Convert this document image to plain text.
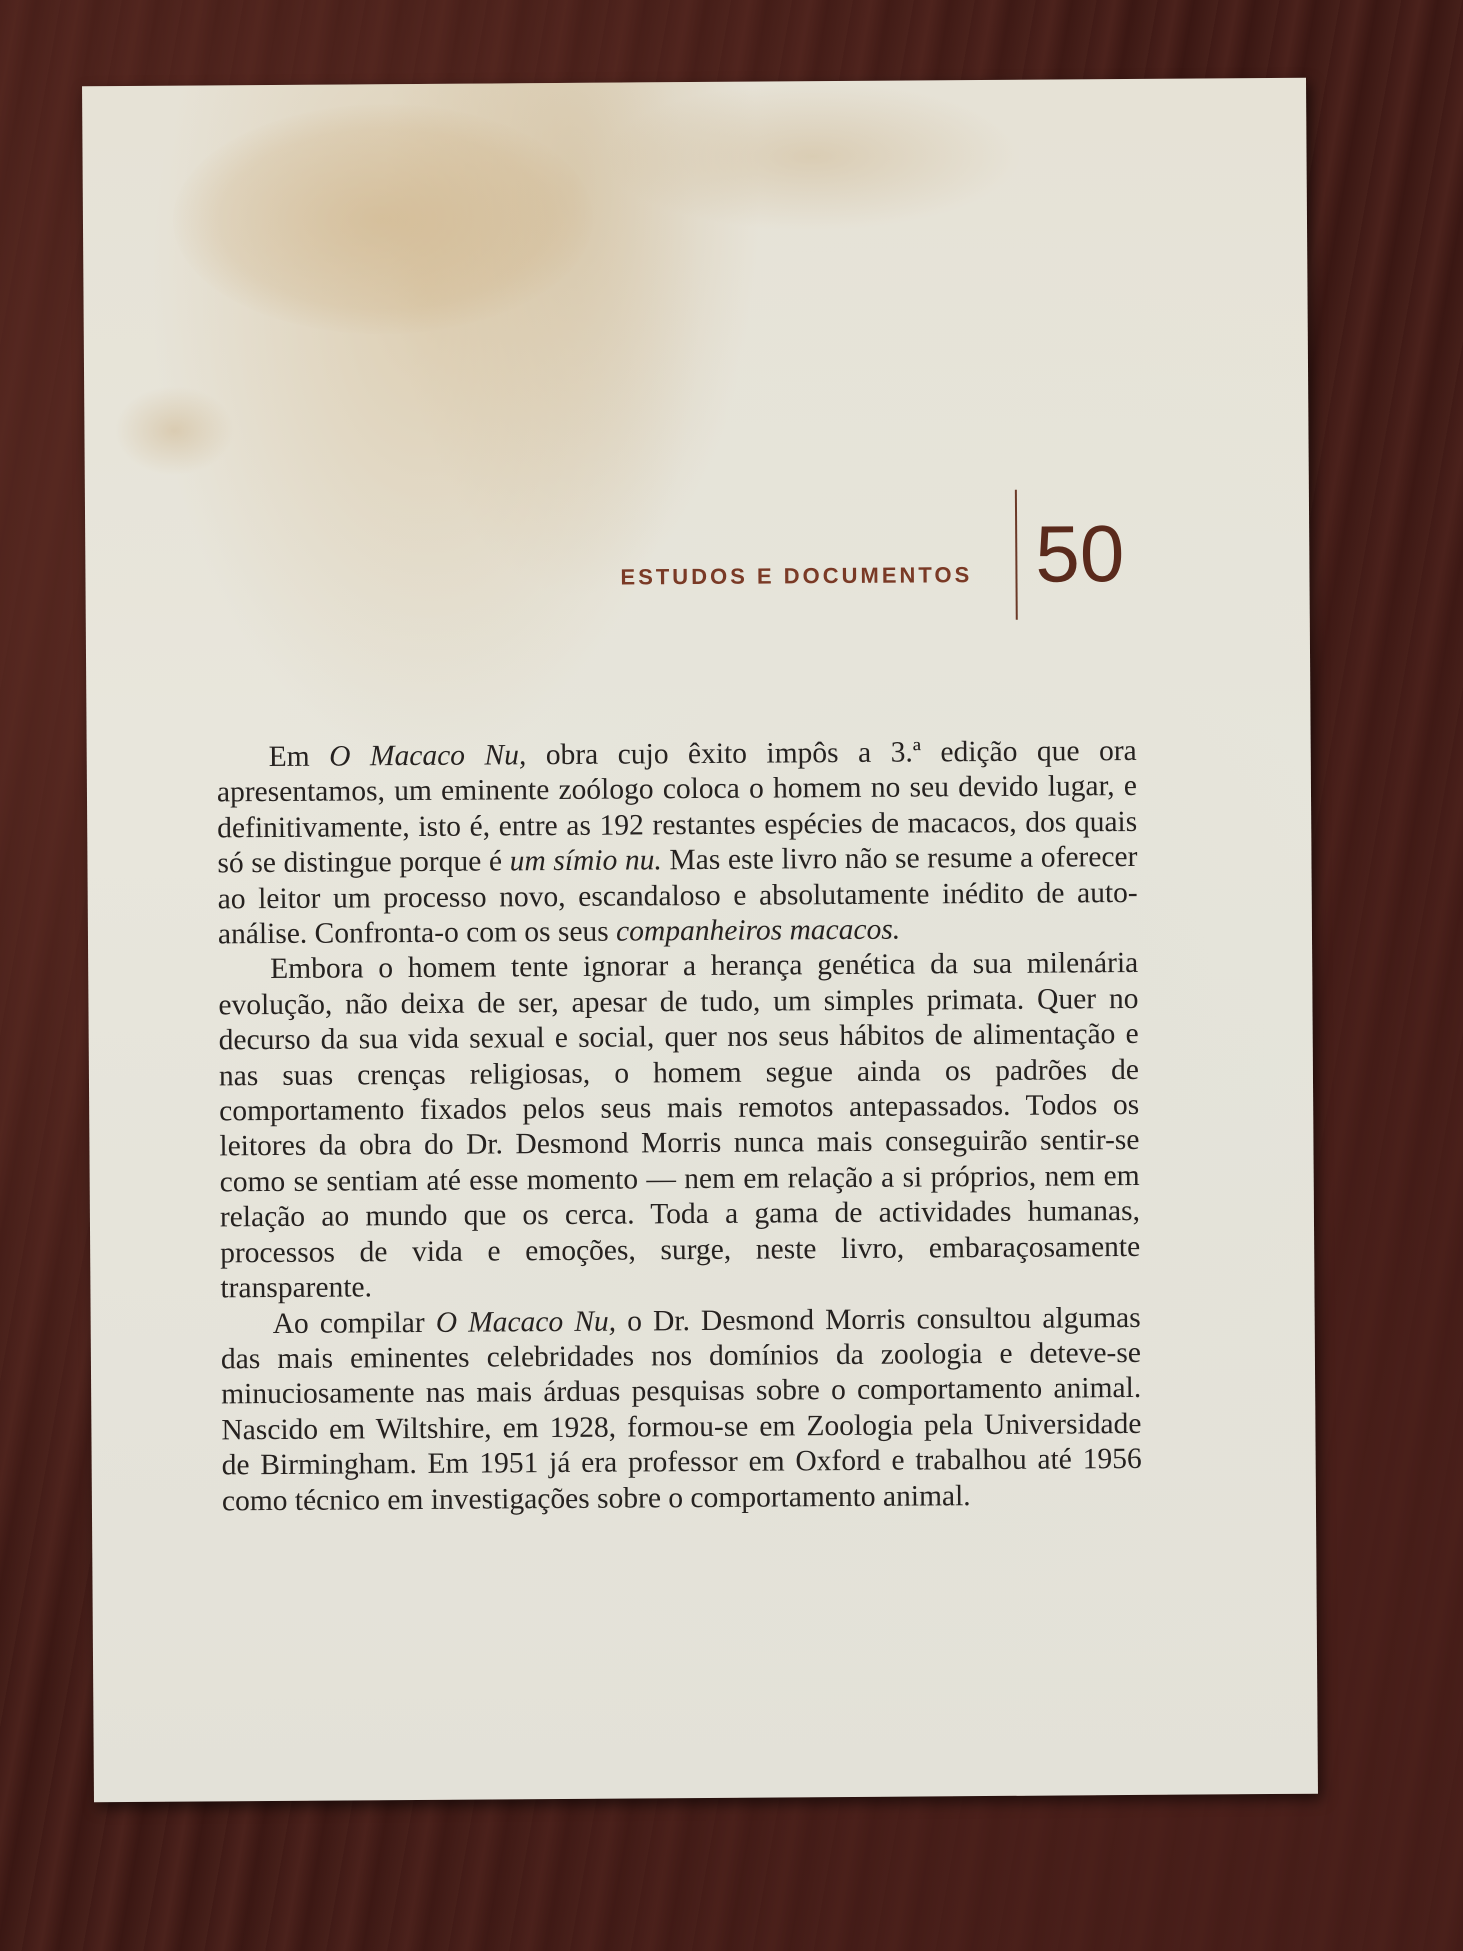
ESTUDOS E DOCUMENTOS 50

Em O Macaco Nu, obra cujo êxito impôs a 3.ª edição que ora apresentamos, um eminente zoólogo coloca o homem no seu devido lugar, e definitivamente, isto é, entre as 192 restantes espécies de macacos, dos quais só se distingue porque é um símio nu. Mas este livro não se resume a oferecer ao leitor um processo novo, escandaloso e absolutamente inédito de auto-análise. Confronta-o com os seus companheiros macacos.

Embora o homem tente ignorar a herança genética da sua milenária evolução, não deixa de ser, apesar de tudo, um simples primata. Quer no decurso da sua vida sexual e social, quer nos seus hábitos de alimentação e nas suas crenças religiosas, o homem segue ainda os padrões de comportamento fixados pelos seus mais remotos antepassados. Todos os leitores da obra do Dr. Desmond Morris nunca mais conseguirão sentir-se como se sentiam até esse momento — nem em relação a si próprios, nem em relação ao mundo que os cerca. Toda a gama de actividades humanas, processos de vida e emoções, surge, neste livro, embaraçosamente transparente.

Ao compilar O Macaco Nu, o Dr. Desmond Morris consultou algumas das mais eminentes celebridades nos domínios da zoologia e deteve-se minuciosamente nas mais árduas pesquisas sobre o comportamento animal. Nascido em Wiltshire, em 1928, formou-se em Zoologia pela Universidade de Birmingham. Em 1951 já era professor em Oxford e trabalhou até 1956 como técnico em investigações sobre o comportamento animal.
